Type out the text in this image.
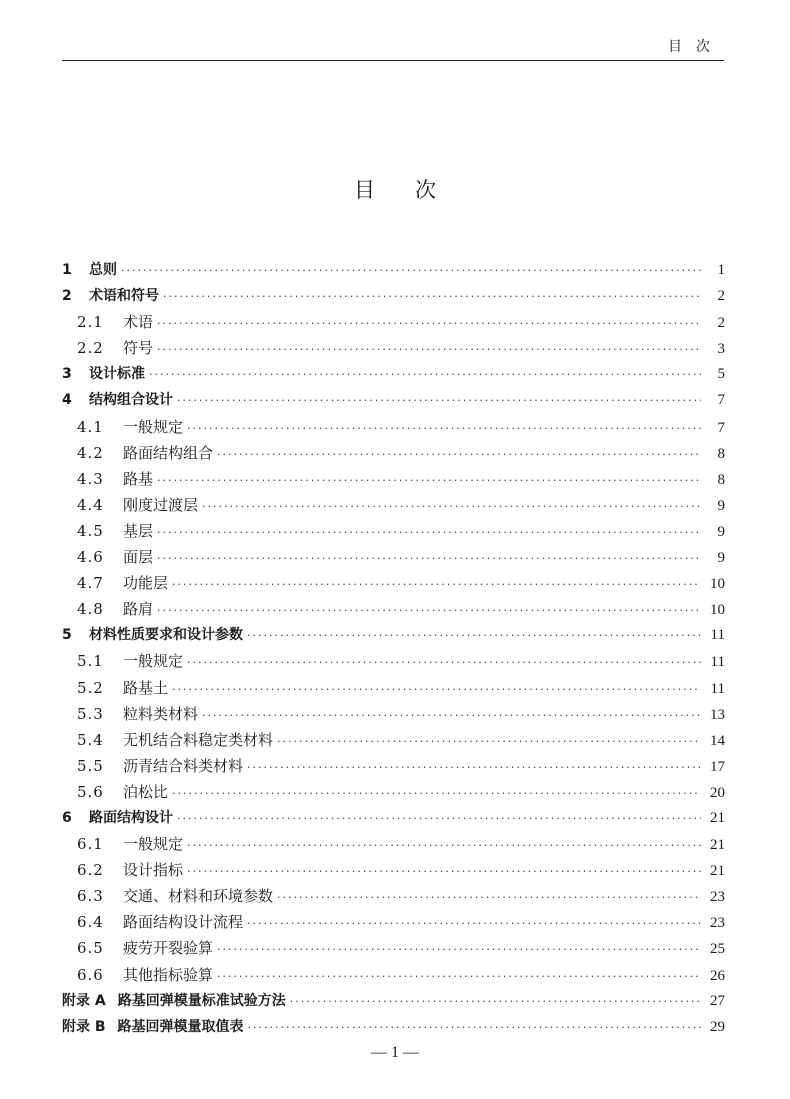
目次
目次
1 总则 ·····	1
2 术语和符号 ·····	2
2.1 术语 ·····	2
2.2 符号 ·····	3
3 设计标准 ·····	5
4 结构组合设计 ·····	7
4.1 一般规定 ·····	7
4.2 路面结构组合 ·····	8
4.3 路基 ·····	8
4.4 刚度过渡层 ·····	9
4.5 基层 ·····	9
4.6 面层 ·····	9
4.7 功能层 ·····	10
4.8 路肩 ·····	10
5 材料性质要求和设计参数 ·····	11
5.1 一般规定 ·····	11
5.2 路基土 ·····	11
5.3 粒料类材料 ·····	13
5.4 无机结合料稳定类材料 ·····	14
5.5 沥青结合料类材料 ·····	17
5.6 泊松比 ·····	20
6 路面结构设计 ·····	21
6.1 一般规定 ·····	21
6.2 设计指标 ·····	21
6.3 交通、材料和环境参数 ·····	23
6.4 路面结构设计流程 ·····	23
6.5 疲劳开裂验算 ·····	25
6.6 其他指标验算 ·····	26
附录 A 路基回弹模量标准试验方法 ·····	27
附录 B 路基回弹模量取值表 ·····	29
— 1 —
